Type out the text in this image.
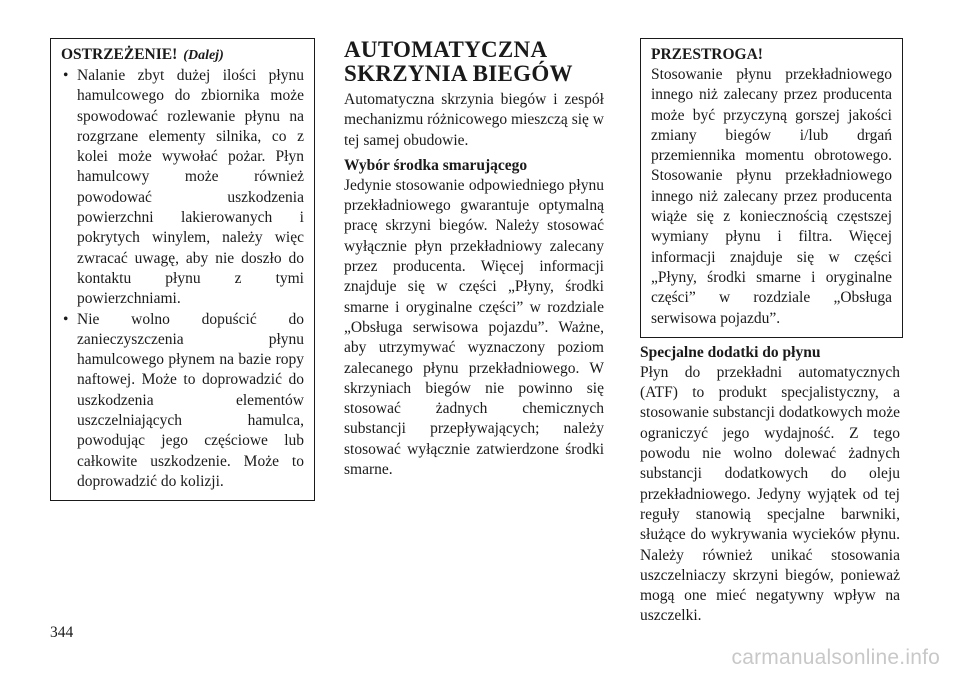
OSTRZEŻENIE! (Dalej)
• Nalanie zbyt dużej ilości płynu hamulcowego do zbiornika może spowodować rozlewanie płynu na rozgrzane elementy silnika, co z kolei może wywołać pożar. Płyn hamulcowy może również powodować uszkodzenia powierzchni lakierowanych i pokrytych winylem, należy więc zwracać uwagę, aby nie doszło do kontaktu płynu z tymi powierzchniami.
• Nie wolno dopuścić do zanieczyszczenia płynu hamulcowego płynem na bazie ropy naftowej. Może to doprowadzić do uszkodzenia elementów uszczelniających hamulca, powodując jego częściowe lub całkowite uszkodzenie. Może to doprowadzić do kolizji.
AUTOMATYCZNA
SKRZYNIA BIEGÓW

Automatyczna skrzynia biegów i zespół mechanizmu różnicowego mieszczą się w tej samej obudowie.

Wybór środka smarującego

Jedynie stosowanie odpowiedniego płynu przekładniowego gwarantuje optymalną pracę skrzyni biegów. Należy stosować wyłącznie płyn przekładniowy zalecany przez producenta. Więcej informacji znajduje się w części „Płyny, środki smarne i oryginalne części” w rozdziale „Obsługa serwisowa pojazdu”. Ważne, aby utrzymywać wyznaczony poziom zalecanego płynu przekładniowego. W skrzyniach biegów nie powinno się stosować żadnych chemicznych substancji przepływających; należy stosować wyłącznie zatwierdzone środki smarne.

PRZESTROGA!

Stosowanie płynu przekładniowego innego niż zalecany przez producenta może być przyczyną gorszej jakości zmiany biegów i/lub drgań przemiennika momentu obrotowego. Stosowanie płynu przekładniowego innego niż zalecany przez producenta wiąże się z koniecznością częstszej wymiany płynu i filtra. Więcej informacji znajduje się w części „Płyny, środki smarne i oryginalne części” w rozdziale „Obsługa serwisowa pojazdu”.

Specjalne dodatki do płynu

Płyn do przekładni automatycznych (ATF) to produkt specjalistyczny, a stosowanie substancji dodatkowych może ograniczyć jego wydajność. Z tego powodu nie wolno dolewać żadnych substancji dodatkowych do oleju przekładniowego. Jedyny wyjątek od tej reguły stanowią specjalne barwniki, służące do wykrywania wycieków płynu. Należy również unikać stosowania uszczelniaczy skrzyni biegów, ponieważ mogą one mieć negatywny wpływ na uszczelki.

344
carmanualsonline.info
